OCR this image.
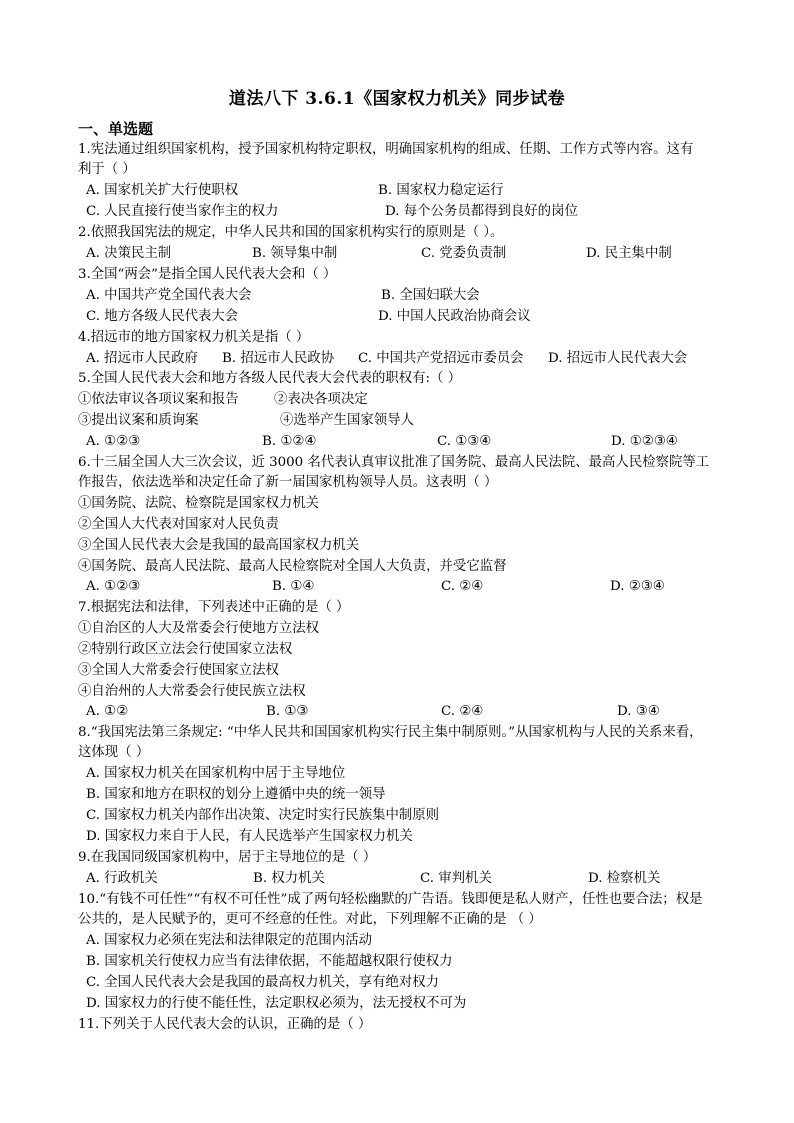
道法八下 3.6.1《国家权力机关》同步试卷
一、单选题
1.宪法通过组织国家机构，授予国家机构特定职权，明确国家机构的组成、任期、工作方式等内容。这有
利于（ ）
A. 国家机关扩大行使职权	B. 国家权力稳定运行
C. 人民直接行使当家作主的权力	D. 每个公务员都得到良好的岗位
2.依照我国宪法的规定，中华人民共和国的国家机构实行的原则是（ ）。
A. 决策民主制	B. 领导集中制	C. 党委负责制	D. 民主集中制
3.全国“两会”是指全国人民代表大会和（ ）
A. 中国共产党全国代表大会	B. 全国妇联大会
C. 地方各级人民代表大会	D. 中国人民政治协商会议
4.招远市的地方国家权力机关是指（ ）
A. 招远市人民政府 B. 招远市人民政协 C. 中国共产党招远市委员会 D. 招远市人民代表大会
5.全国人民代表大会和地方各级人民代表大会代表的职权有:（ ）
①依法审议各项议案和报告	②表决各项决定
③提出议案和质询案	④选举产生国家领导人
A. ①②③	B. ①②④	C. ①③④	D. ①②③④
6.十三届全国人大三次会议，近 3000 名代表认真审议批准了国务院、最高人民法院、最高人民检察院等工
作报告，依法选举和决定任命了新一届国家机构领导人员。这表明（ ）
①国务院、法院、检察院是国家权力机关
②全国人大代表对国家对人民负责
③全国人民代表大会是我国的最高国家权力机关
④国务院、最高人民法院、最高人民检察院对全国人大负责，并受它监督
A. ①②③	B. ①④	C. ②④	D. ②③④
7.根据宪法和法律，下列表述中正确的是（ ）
①自治区的人大及常委会行使地方立法权
②特别行政区立法会行使国家立法权
③全国人大常委会行使国家立法权
④自治州的人大常委会行使民族立法权
A. ①②	B. ①③	C. ②④	D. ③④
8.“我国宪法第三条规定: “中华人民共和国国家机构实行民主集中制原则。”从国家机构与人民的关系来看，
这体现（ ）
A. 国家权力机关在国家机构中居于主导地位
B. 国家和地方在职权的划分上遵循中央的统一领导
C. 国家权力机关内部作出决策、决定时实行民族集中制原则
D. 国家权力来自于人民，有人民选举产生国家权力机关
9.在我国同级国家机构中，居于主导地位的是（ ）
A. 行政机关	B. 权力机关	C. 审判机关	D. 检察机关
10.“有钱不可任性”“有权不可任性”成了两句轻松幽默的广告语。钱即便是私人财产，任性也要合法；权是
公共的，是人民赋予的，更可不经意的任性。对此，下列理解不正确的是 （ ）
A. 国家权力必须在宪法和法律限定的范围内活动
B. 国家机关行使权力应当有法律依据，不能超越权限行使权力
C. 全国人民代表大会是我国的最高权力机关，享有绝对权力
D. 国家权力的行使不能任性，法定职权必须为，法无授权不可为
11.下列关于人民代表大会的认识，正确的是（ ）
